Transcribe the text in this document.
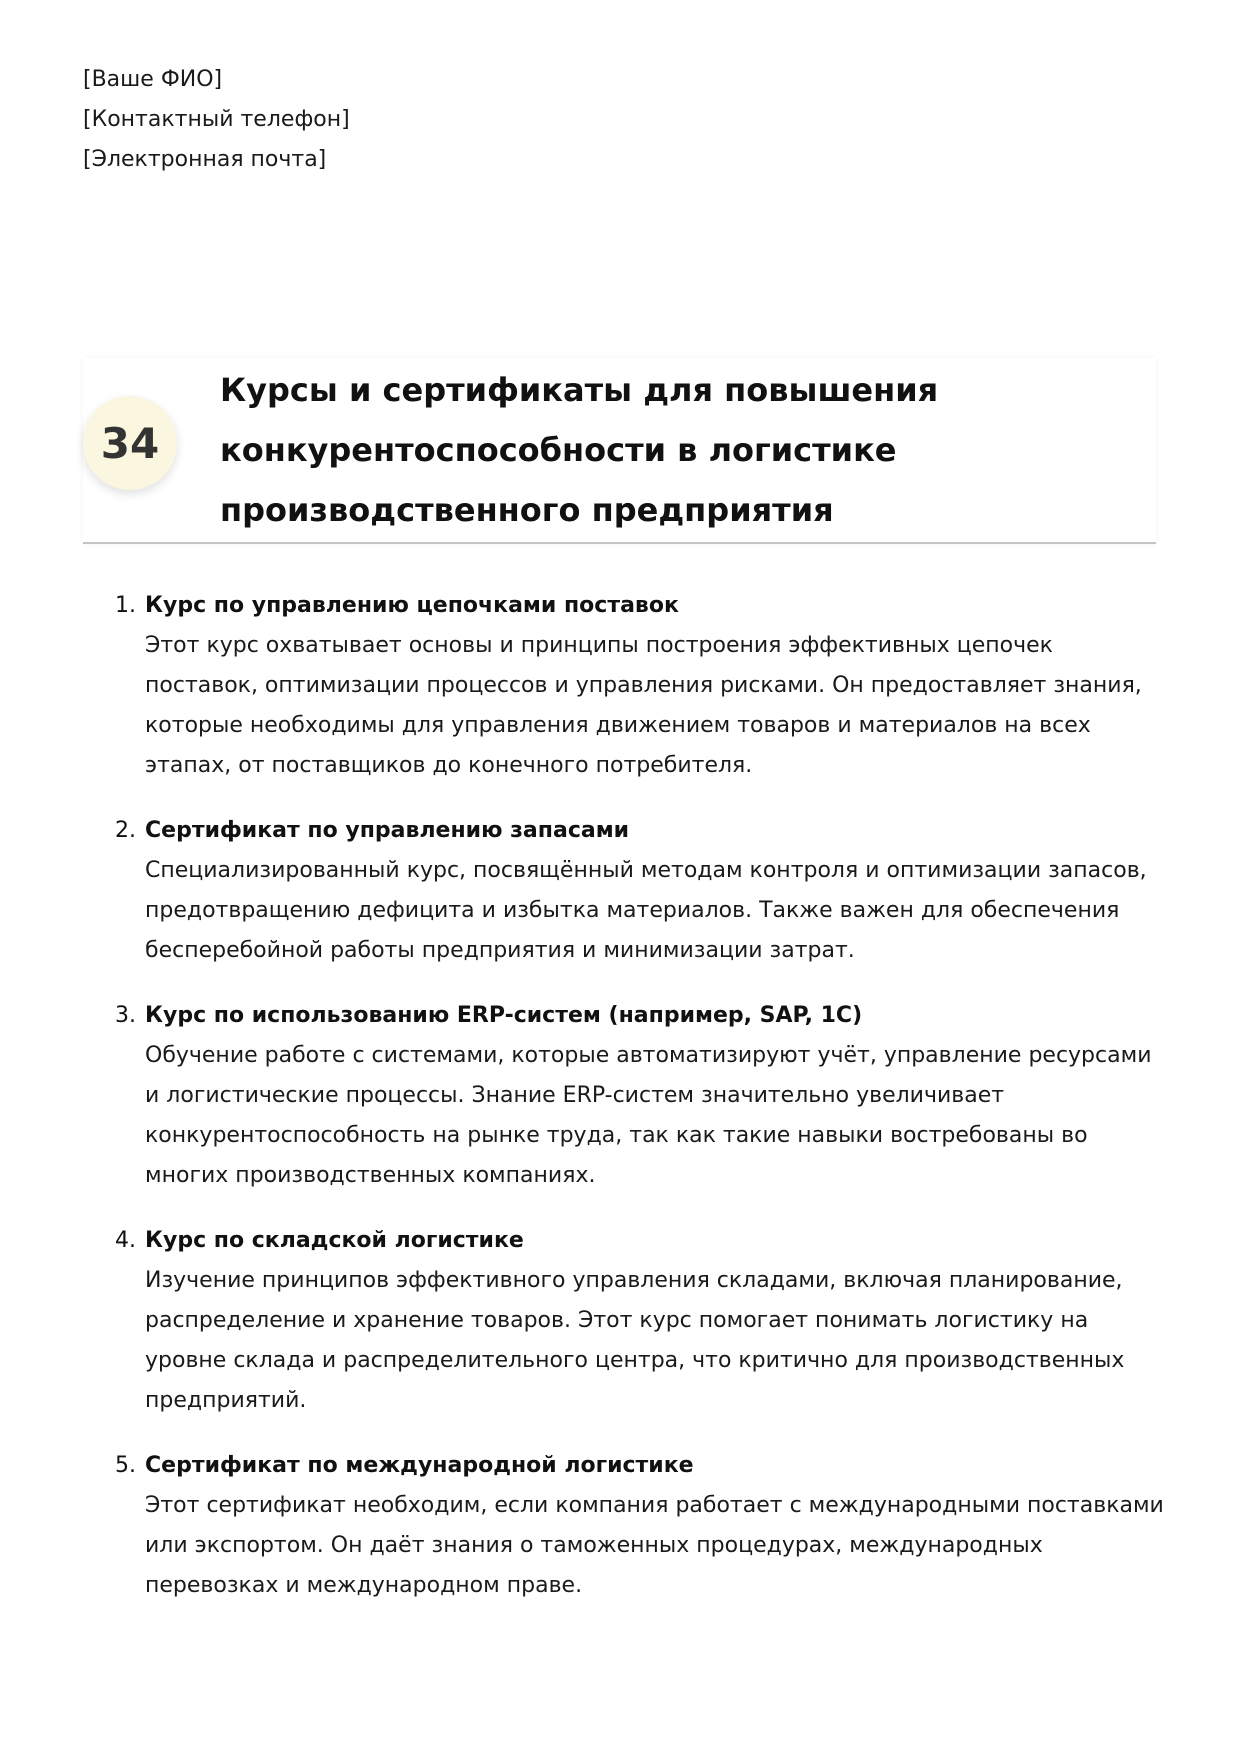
[Ваше ФИО]
[Контактный телефон]
[Электронная почта]
34
Курсы и сертификаты для повышения конкурентоспособности в логистике производственного предприятия
1. Курс по управлению цепочками поставок
Этот курс охватывает основы и принципы построения эффективных цепочек поставок, оптимизации процессов и управления рисками. Он предоставляет знания, которые необходимы для управления движением товаров и материалов на всех этапах, от поставщиков до конечного потребителя.
2. Сертификат по управлению запасами
Специализированный курс, посвящённый методам контроля и оптимизации запасов, предотвращению дефицита и избытка материалов. Также важен для обеспечения бесперебойной работы предприятия и минимизации затрат.
3. Курс по использованию ERP-систем (например, SAP, 1C)
Обучение работе с системами, которые автоматизируют учёт, управление ресурсами и логистические процессы. Знание ERP-систем значительно увеличивает конкурентоспособность на рынке труда, так как такие навыки востребованы во многих производственных компаниях.
4. Курс по складской логистике
Изучение принципов эффективного управления складами, включая планирование, распределение и хранение товаров. Этот курс помогает понимать логистику на уровне склада и распределительного центра, что критично для производственных предприятий.
5. Сертификат по международной логистике
Этот сертификат необходим, если компания работает с международными поставками или экспортом. Он даёт знания о таможенных процедурах, международных перевозках и международном праве.
